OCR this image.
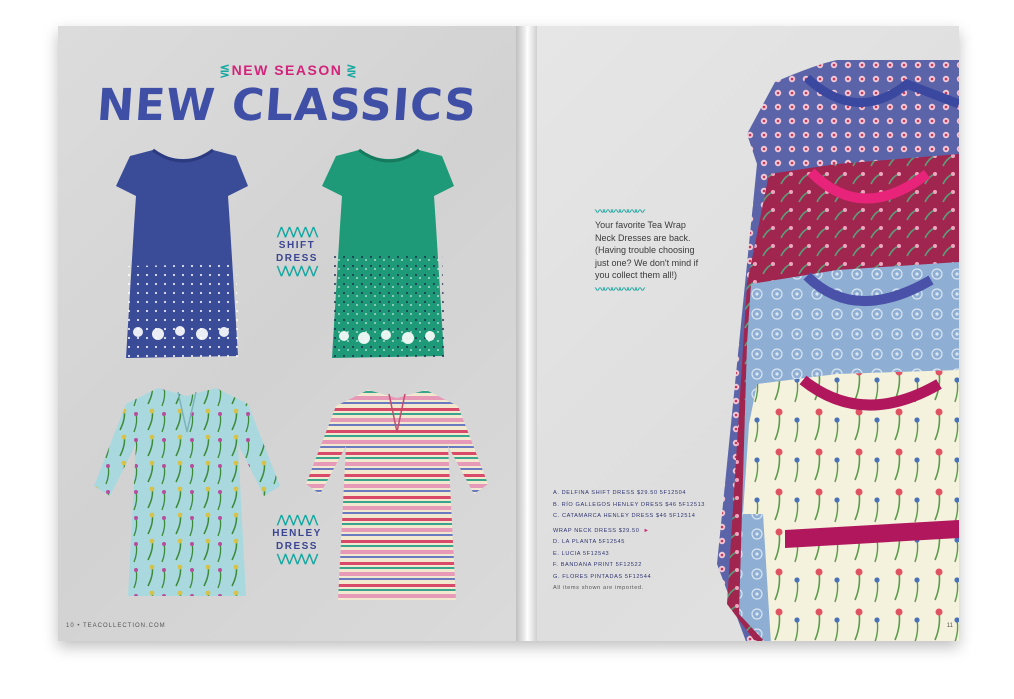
⋚ NEW SEASON ⋛
NEW CLASSICS
⋀⋀⋀⋀⋀
SHIFT
DRESS
⋁⋁⋁⋁⋁
⋀⋀⋀⋀⋀
HENLEY
DRESS
⋁⋁⋁⋁⋁
10 • TEACOLLECTION.COM
〰〰〰〰〰〰
Your favorite Tea Wrap Neck Dresses are back. (Having trouble choosing just one? We don't mind if you collect them all!)
〰〰〰〰〰〰
A. DELFINA SHIFT DRESS $29.50 5F12504
B. RÍO GALLEGOS HENLEY DRESS $46 5F12513
C. CATAMARCA HENLEY DRESS $46 5F12514
WRAP NECK DRESS $29.50 ►
D. LA PLANTA 5F12545
E. LUCIA 5F12543
F. BANDANA PRINT 5F12522
G. FLORES PINTADAS 5F12544
All items shown are imported.
11
